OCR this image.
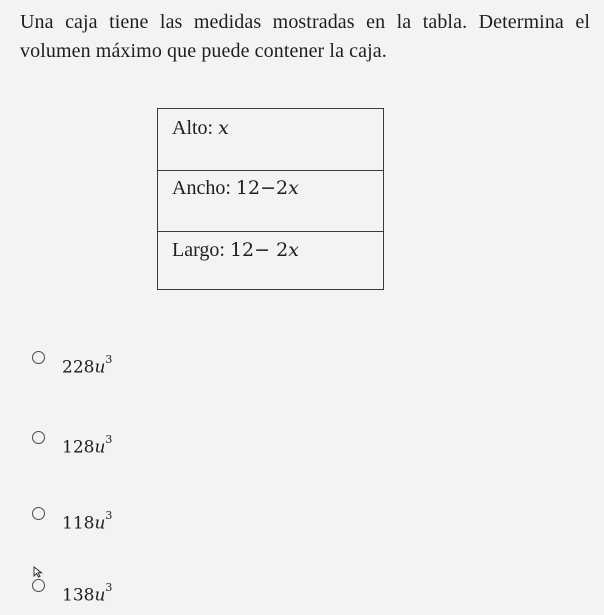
Una caja tiene las medidas mostradas en la tabla. Determina el volumen máximo que puede contener la caja.

Alto: x
Ancho: 12−2x
Largo: 12− 2x
$228u^3$
$128u^3$
$118u^3$
$138u^3$
